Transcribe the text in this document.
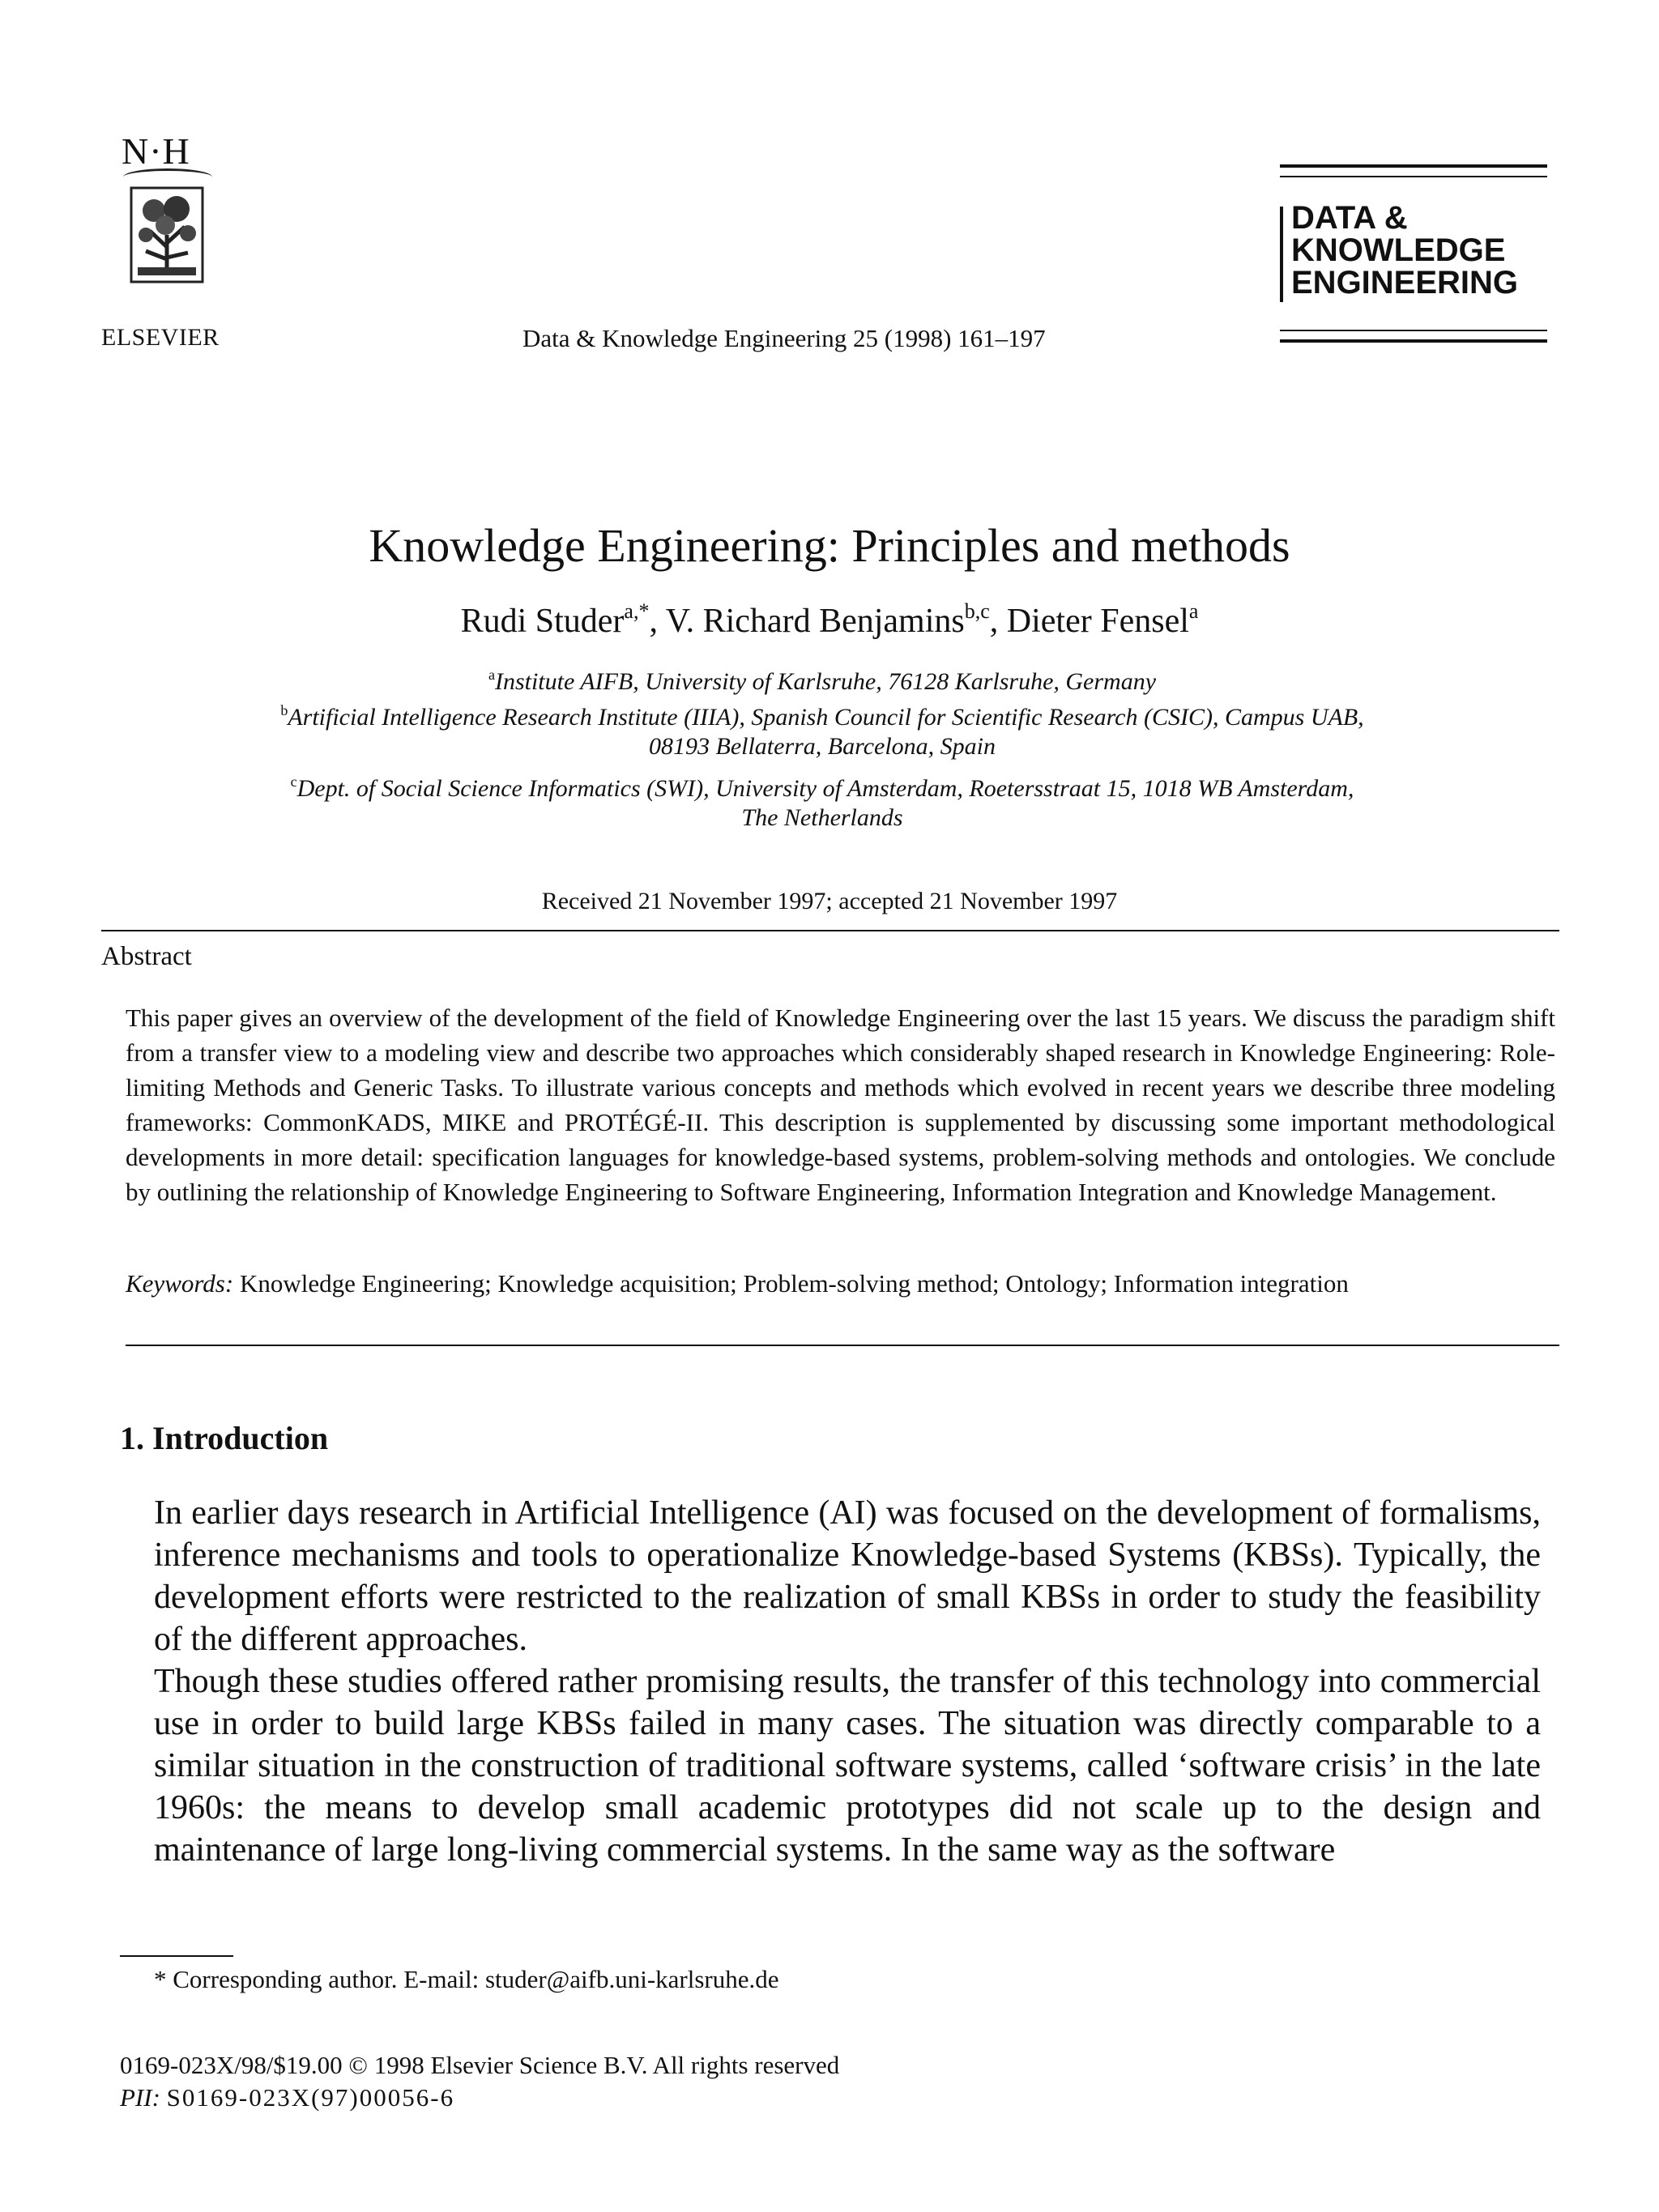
N·H
ELSEVIER	Data & Knowledge Engineering 25 (1998) 161–197
DATA &
KNOWLEDGE
ENGINEERING
Knowledge Engineering: Principles and methods
Rudi Studer$^{a,*}$, V. Richard Benjamins$^{b,c}$, Dieter Fensel$^a$
$^a$Institute AIFB, University of Karlsruhe, 76128 Karlsruhe, Germany
$^b$Artificial Intelligence Research Institute (IIIA), Spanish Council for Scientific Research (CSIC), Campus UAB,
08193 Bellaterra, Barcelona, Spain
$^c$Dept. of Social Science Informatics (SWI), University of Amsterdam, Roetersstraat 15, 1018 WB Amsterdam,
The Netherlands
Received 21 November 1997; accepted 21 November 1997
Abstract
This paper gives an overview of the development of the field of Knowledge Engineering over the last 15 years. We discuss the paradigm shift from a transfer view to a modeling view and describe two approaches which considerably shaped research in Knowledge Engineering: Role-limiting Methods and Generic Tasks. To illustrate various concepts and methods which evolved in recent years we describe three modeling frameworks: CommonKADS, MIKE and PROTÉGÉ-II. This description is supplemented by discussing some important methodological developments in more detail: specification languages for knowledge-based systems, problem-solving methods and ontologies. We conclude by outlining the relationship of Knowledge Engineering to Software Engineering, Information Integration and Knowledge Management.
Keywords: Knowledge Engineering; Knowledge acquisition; Problem-solving method; Ontology; Information integration
1. Introduction
In earlier days research in Artificial Intelligence (AI) was focused on the development of formalisms, inference mechanisms and tools to operationalize Knowledge-based Systems (KBSs). Typically, the development efforts were restricted to the realization of small KBSs in order to study the feasibility of the different approaches.
Though these studies offered rather promising results, the transfer of this technology into commercial use in order to build large KBSs failed in many cases. The situation was directly comparable to a similar situation in the construction of traditional software systems, called ‘software crisis’ in the late 1960s: the means to develop small academic prototypes did not scale up to the design and maintenance of large long-living commercial systems. In the same way as the software
* Corresponding author. E-mail: studer@aifb.uni-karlsruhe.de
0169-023X/98/$19.00 © 1998 Elsevier Science B.V. All rights reserved
PII: S0169-023X(97)00056-6
